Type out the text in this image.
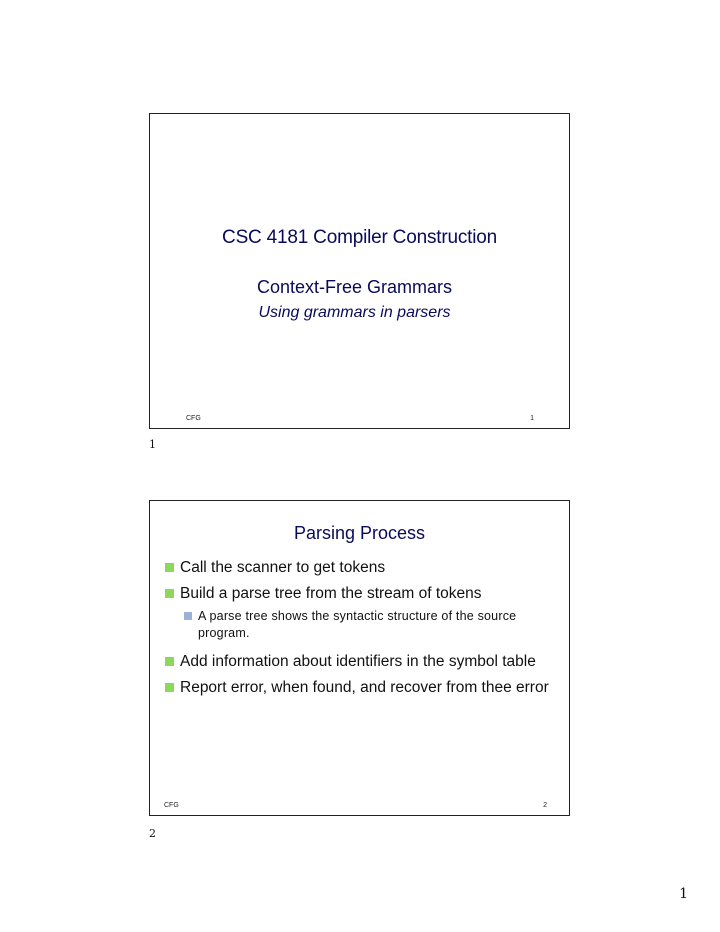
CSC 4181 Compiler Construction
Context-Free Grammars
Using grammars in parsers
CFG	1
1
Parsing Process
Call the scanner to get tokens
Build a parse tree from the stream of tokens
A parse tree shows the syntactic structure of the source program.
Add information about identifiers in the symbol table
Report error, when found, and recover from thee error
CFG	2
2
1
